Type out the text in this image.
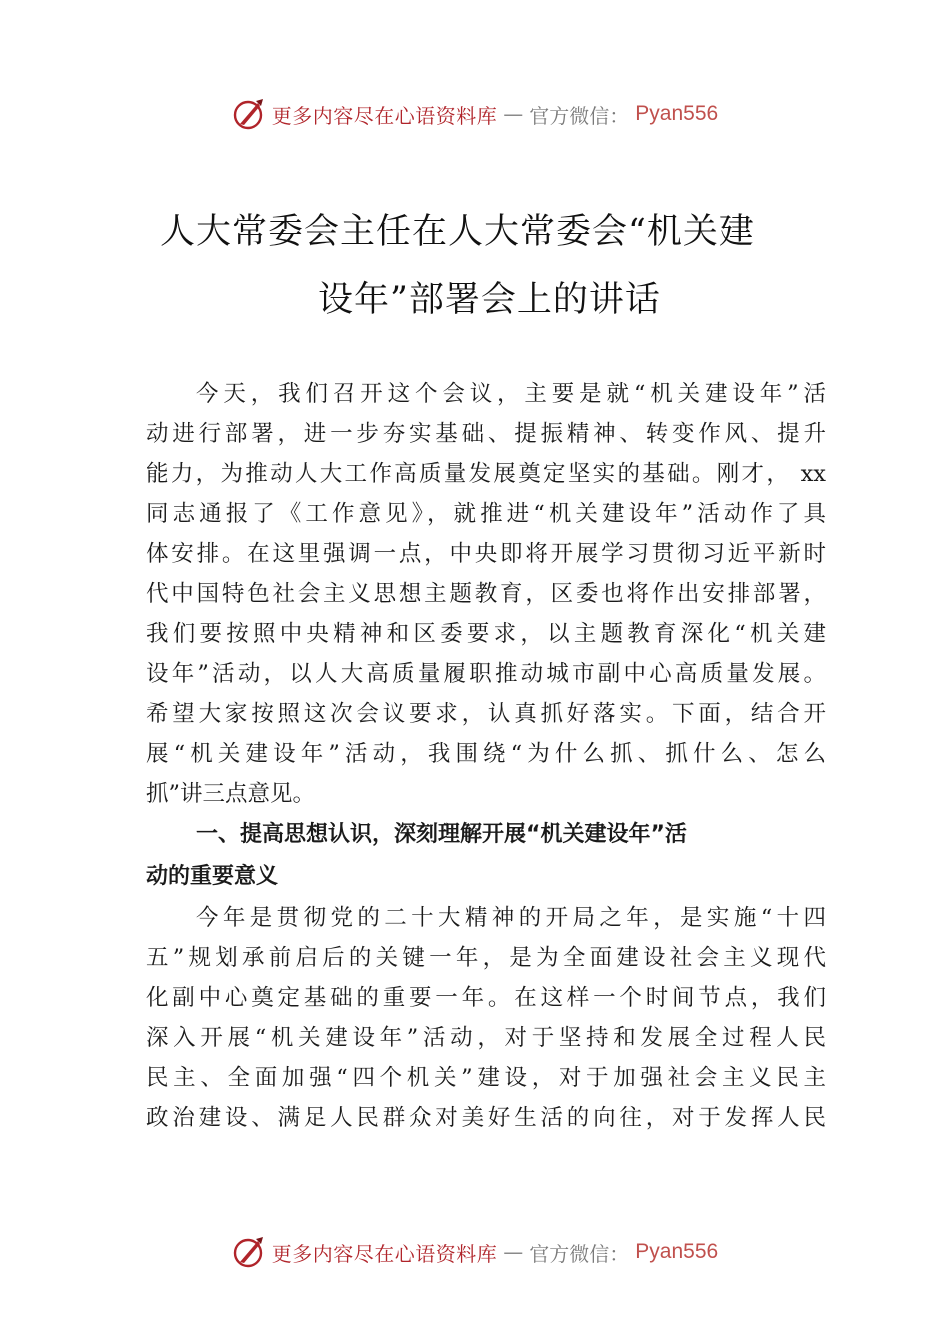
更多内容尽在心语资料库 — 官方微信： Pyan556
人大常委会主任在人大常委会“机关建
设年”部署会上的讲话
今天，我们召开这个会议，主要是就“机关建设年”活
动进行部署，进一步夯实基础、提振精神、转变作风、提升
能力，为推动人大工作高质量发展奠定坚实的基础。刚才， xx
同志通报了《工作意见》，就推进“机关建设年”活动作了具
体安排。在这里强调一点，中央即将开展学习贯彻习近平新时
代中国特色社会主义思想主题教育，区委也将作出安排部署，
我们要按照中央精神和区委要求，以主题教育深化“机关建
设年”活动，以人大高质量履职推动城市副中心高质量发展。
希望大家按照这次会议要求，认真抓好落实。下面，结合开
展“机关建设年”活动，我围绕“为什么抓、抓什么、怎么
抓”讲三点意见。
一、提高思想认识，深刻理解开展“机关建设年”活
动的重要意义
今年是贯彻党的二十大精神的开局之年，是实施“十四
五”规划承前启后的关键一年，是为全面建设社会主义现代
化副中心奠定基础的重要一年。在这样一个时间节点，我们
深入开展“机关建设年”活动，对于坚持和发展全过程人民
民主、全面加强“四个机关”建设，对于加强社会主义民主
政治建设、满足人民群众对美好生活的向往，对于发挥人民
更多内容尽在心语资料库 — 官方微信： Pyan556
